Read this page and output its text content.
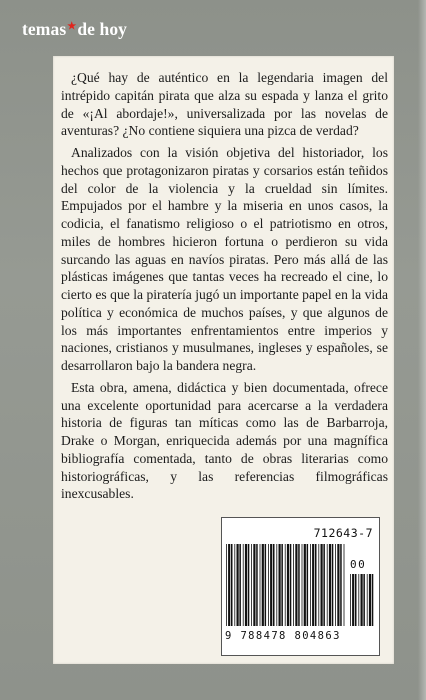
temas★de hoy

¿Qué hay de auténtico en la legendaria imagen del intrépido capitán pirata que alza su espada y lanza el grito de «¡Al abordaje!», universalizada por las novelas de aventuras? ¿No contiene siquiera una pizca de verdad?

Analizados con la visión objetiva del historiador, los hechos que protagonizaron piratas y corsarios están teñidos del color de la violencia y la crueldad sin límites. Empujados por el hambre y la miseria en unos casos, la codicia, el fanatismo religioso o el patriotismo en otros, miles de hombres hicieron fortuna o perdieron su vida surcando las aguas en navíos piratas. Pero más allá de las plásticas imágenes que tantas veces ha recreado el cine, lo cierto es que la piratería jugó un importante papel en la vida política y económica de muchos países, y que algunos de los más importantes enfrentamientos entre imperios y naciones, cristianos y musulmanes, ingleses y españoles, se desarrollaron bajo la bandera negra.

Esta obra, amena, didáctica y bien documentada, ofrece una excelente oportunidad para acercarse a la verdadera historia de figuras tan míticas como las de Barbarroja, Drake o Morgan, enriquecida además por una magnífica bibliografía comentada, tanto de obras literarias como historiográficas, y las referencias filmográficas inexcusables.

712643-7
00
9 788478 804863
